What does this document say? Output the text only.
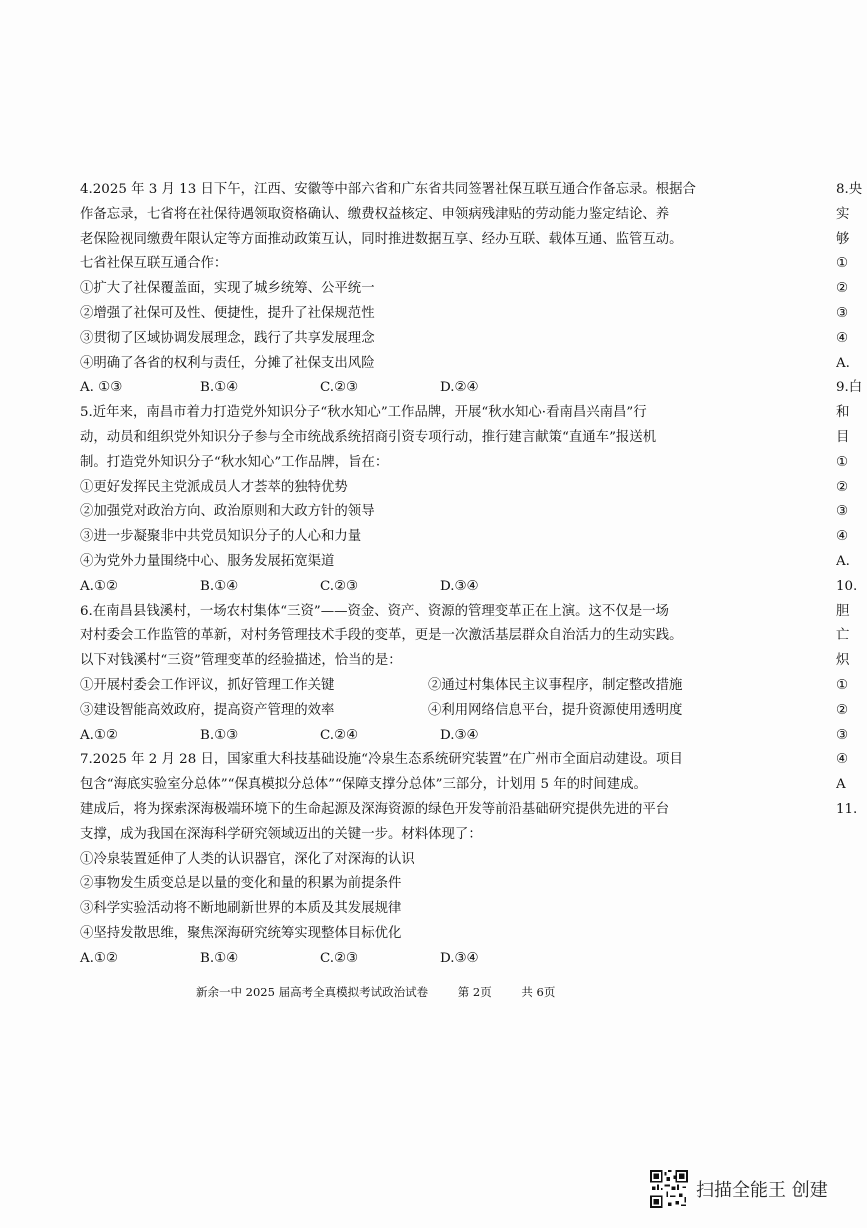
4.2025 年 3 月 13 日下午，江西、安徽等中部六省和广东省共同签署社保互联互通合作备忘录。根据合

作备忘录，七省将在社保待遇领取资格确认、缴费权益核定、申领病残津贴的劳动能力鉴定结论、养

老保险视同缴费年限认定等方面推动政策互认，同时推进数据互享、经办互联、载体互通、监管互动。

七省社保互联互通合作：

①扩大了社保覆盖面，实现了城乡统筹、公平统一

②增强了社保可及性、便捷性，提升了社保规范性

③贯彻了区域协调发展理念，践行了共享发展理念

④明确了各省的权利与责任，分摊了社保支出风险

A. ①③	B.①④	C.②③	D.②④

5.近年来，南昌市着力打造党外知识分子“秋水知心”工作品牌，开展“秋水知心·看南昌兴南昌”行

动，动员和组织党外知识分子参与全市统战系统招商引资专项行动，推行建言献策“直通车”报送机

制。打造党外知识分子“秋水知心”工作品牌，旨在：

①更好发挥民主党派成员人才荟萃的独特优势

②加强党对政治方向、政治原则和大政方针的领导

③进一步凝聚非中共党员知识分子的人心和力量

④为党外力量围绕中心、服务发展拓宽渠道

A.①②	B.①④	C.②③	D.③④

6.在南昌县钱溪村，一场农村集体“三资”——资金、资产、资源的管理变革正在上演。这不仅是一场

对村委会工作监管的革新，对村务管理技术手段的变革，更是一次激活基层群众自治活力的生动实践。

以下对钱溪村“三资”管理变革的经验描述，恰当的是：

①开展村委会工作评议，抓好管理工作关键	②通过村集体民主议事程序，制定整改措施
③建设智能高效政府，提高资产管理的效率	④利用网络信息平台，提升资源使用透明度
A.①②	B.①③	C.②④	D.③④

7.2025 年 2 月 28 日，国家重大科技基础设施“冷泉生态系统研究装置”在广州市全面启动建设。项目

包含“海底实验室分总体”“保真模拟分总体”“保障支撑分总体”三部分，计划用 5 年的时间建成。

建成后，将为探索深海极端环境下的生命起源及深海资源的绿色开发等前沿基础研究提供先进的平台

支撑，成为我国在深海科学研究领域迈出的关键一步。材料体现了：

①冷泉装置延伸了人类的认识器官，深化了对深海的认识

②事物发生质变总是以量的变化和量的积累为前提条件

③科学实验活动将不断地刷新世界的本质及其发展规律

④坚持发散思维，聚焦深海研究统筹实现整体目标优化

A.①②	B.①④	C.②③	D.③④
8.央
实
够
①
②
③
④
A.
9.白
和
目
①
②
③
④
A.
10.
胆
亡
炽
①
②
③
④
A
11.
新余一中 2025 届高考全真模拟考试政治试卷	第 2页	共 6页
扫描全能王 创建
